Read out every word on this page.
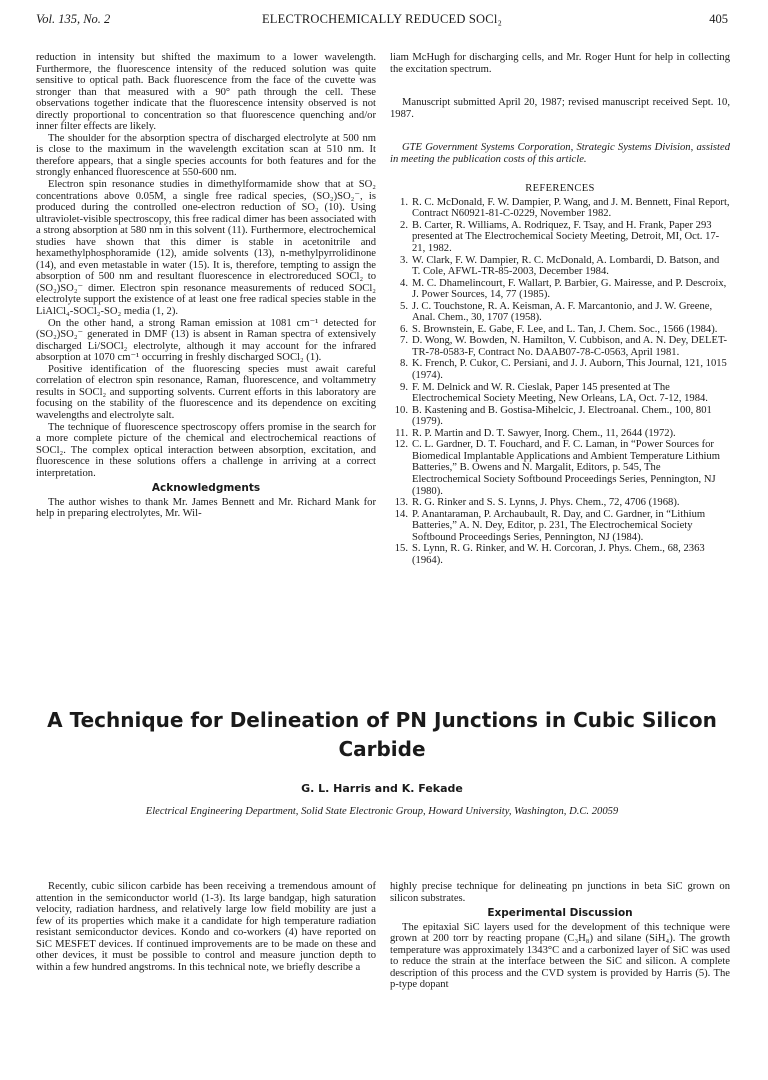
Vol. 135, No. 2	ELECTROCHEMICALLY REDUCED SOCl₂	405

reduction in intensity but shifted the maximum to a lower wavelength. Furthermore, the fluorescence intensity of the reduced solution was quite sensitive to optical path. Back fluorescence from the face of the cuvette was stronger than that measured with a 90° path through the cell. These observations together indicate that the fluorescence intensity observed is not directly proportional to concentration so that fluorescence quenching and/or inner filter effects are likely.

The shoulder for the absorption spectra of discharged electrolyte at 500 nm is close to the maximum in the wavelength excitation scan at 510 nm. It therefore appears, that a single species accounts for both features and for the strongly enhanced fluorescence at 550-600 nm.

Electron spin resonance studies in dimethylformamide show that at SO₂ concentrations above 0.05M, a single free radical species, (SO₂)SO₂⁻, is produced during the controlled one-electron reduction of SO₂ (10). Using ultraviolet-visible spectroscopy, this free radical dimer has been associated with a strong absorption at 580 nm in this solvent (11). Furthermore, electrochemical studies have shown that this dimer is stable in acetonitrile and hexamethylphosphoramide (12), amide solvents (13), n-methylpyrrolidinone (14), and even metastable in water (15). It is, therefore, tempting to assign the absorption of 500 nm and resultant fluorescence in electroreduced SOCl₂ to (SO₂)SO₂⁻ dimer. Electron spin resonance measurements of reduced SOCl₂ electrolyte support the existence of at least one free radical species stable in the LiAlCl₄-SOCl₂-SO₂ media (1, 2).

On the other hand, a strong Raman emission at 1081 cm⁻¹ detected for (SO₂)SO₂⁻ generated in DMF (13) is absent in Raman spectra of extensively discharged Li/SOCl₂ electrolyte, although it may account for the infrared absorption at 1070 cm⁻¹ occurring in freshly discharged SOCl₂ (1).

Positive identification of the fluorescing species must await careful correlation of electron spin resonance, Raman, fluorescence, and voltammetry results in SOCl₂ and supporting solvents. Current efforts in this laboratory are focusing on the stability of the fluorescence and its dependence on exciting wavelengths and electrolyte salt.

The technique of fluorescence spectroscopy offers promise in the search for a more complete picture of the chemical and electrochemical reactions of SOCl₂. The complex optical interaction between absorption, excitation, and fluorescence in these solutions offers a challenge in arriving at a correct interpretation.

Acknowledgments

The author wishes to thank Mr. James Bennett and Mr. Richard Mank for help in preparing electrolytes, Mr. Wil-

liam McHugh for discharging cells, and Mr. Roger Hunt for help in collecting the excitation spectrum.

Manuscript submitted April 20, 1987; revised manuscript received Sept. 10, 1987.

GTE Government Systems Corporation, Strategic Systems Division, assisted in meeting the publication costs of this article.

REFERENCES

1. R. C. McDonald, F. W. Dampier, P. Wang, and J. M. Bennett, Final Report, Contract N60921-81-C-0229, November 1982.

2. B. Carter, R. Williams, A. Rodriquez, F. Tsay, and H. Frank, Paper 293 presented at The Electrochemical Society Meeting, Detroit, MI, Oct. 17-21, 1982.

3. W. Clark, F. W. Dampier, R. C. McDonald, A. Lombardi, D. Batson, and T. Cole, AFWL-TR-85-2003, December 1984.

4. M. C. Dhamelincourt, F. Wallart, P. Barbier, G. Mairesse, and P. Descroix, J. Power Sources, 14, 77 (1985).

5. J. C. Touchstone, R. A. Keisman, A. F. Marcantonio, and J. W. Greene, Anal. Chem., 30, 1707 (1958).

6. S. Brownstein, E. Gabe, F. Lee, and L. Tan, J. Chem. Soc., 1566 (1984).

7. D. Wong, W. Bowden, N. Hamilton, V. Cubbison, and A. N. Dey, DELET-TR-78-0583-F, Contract No. DAAB07-78-C-0563, April 1981.

8. K. French, P. Cukor, C. Persiani, and J. J. Auborn, This Journal, 121, 1015 (1974).

9. F. M. Delnick and W. R. Cieslak, Paper 145 presented at The Electrochemical Society Meeting, New Orleans, LA, Oct. 7-12, 1984.

10. B. Kastening and B. Gostisa-Mihelcic, J. Electroanal. Chem., 100, 801 (1979).

11. R. P. Martin and D. T. Sawyer, Inorg. Chem., 11, 2644 (1972).

12. C. L. Gardner, D. T. Fouchard, and F. C. Laman, in “Power Sources for Biomedical Implantable Applications and Ambient Temperature Lithium Batteries,” B. Owens and N. Margalit, Editors, p. 545, The Electrochemical Society Softbound Proceedings Series, Pennington, NJ (1980).

13. R. G. Rinker and S. S. Lynns, J. Phys. Chem., 72, 4706 (1968).

14. P. Anantaraman, P. Archaubault, R. Day, and C. Gardner, in “Lithium Batteries,” A. N. Dey, Editor, p. 231, The Electrochemical Society Softbound Proceedings Series, Pennington, NJ (1984).

15. S. Lynn, R. G. Rinker, and W. H. Corcoran, J. Phys. Chem., 68, 2363 (1964).

A Technique for Delineation of PN Junctions in Cubic Silicon Carbide
G. L. Harris and K. Fekade
Electrical Engineering Department, Solid State Electronic Group, Howard University, Washington, D.C. 20059

Recently, cubic silicon carbide has been receiving a tremendous amount of attention in the semiconductor world (1-3). Its large bandgap, high saturation velocity, radiation hardness, and relatively large low field mobility are just a few of its properties which make it a candidate for high temperature radiation resistant semiconductor devices. Kondo and co-workers (4) have reported on SiC MESFET devices. If continued improvements are to be made on these and other devices, it must be possible to control and measure junction depth to within a few hundred angstroms. In this technical note, we briefly describe a

highly precise technique for delineating pn junctions in beta SiC grown on silicon substrates.

Experimental Discussion

The epitaxial SiC layers used for the development of this technique were grown at 200 torr by reacting propane (C₃H₈) and silane (SiH₄). The growth temperature was approximately 1343°C and a carbonized layer of SiC was used to reduce the strain at the interface between the SiC and silicon. A complete description of this process and the CVD system is provided by Harris (5). The p-type dopant
